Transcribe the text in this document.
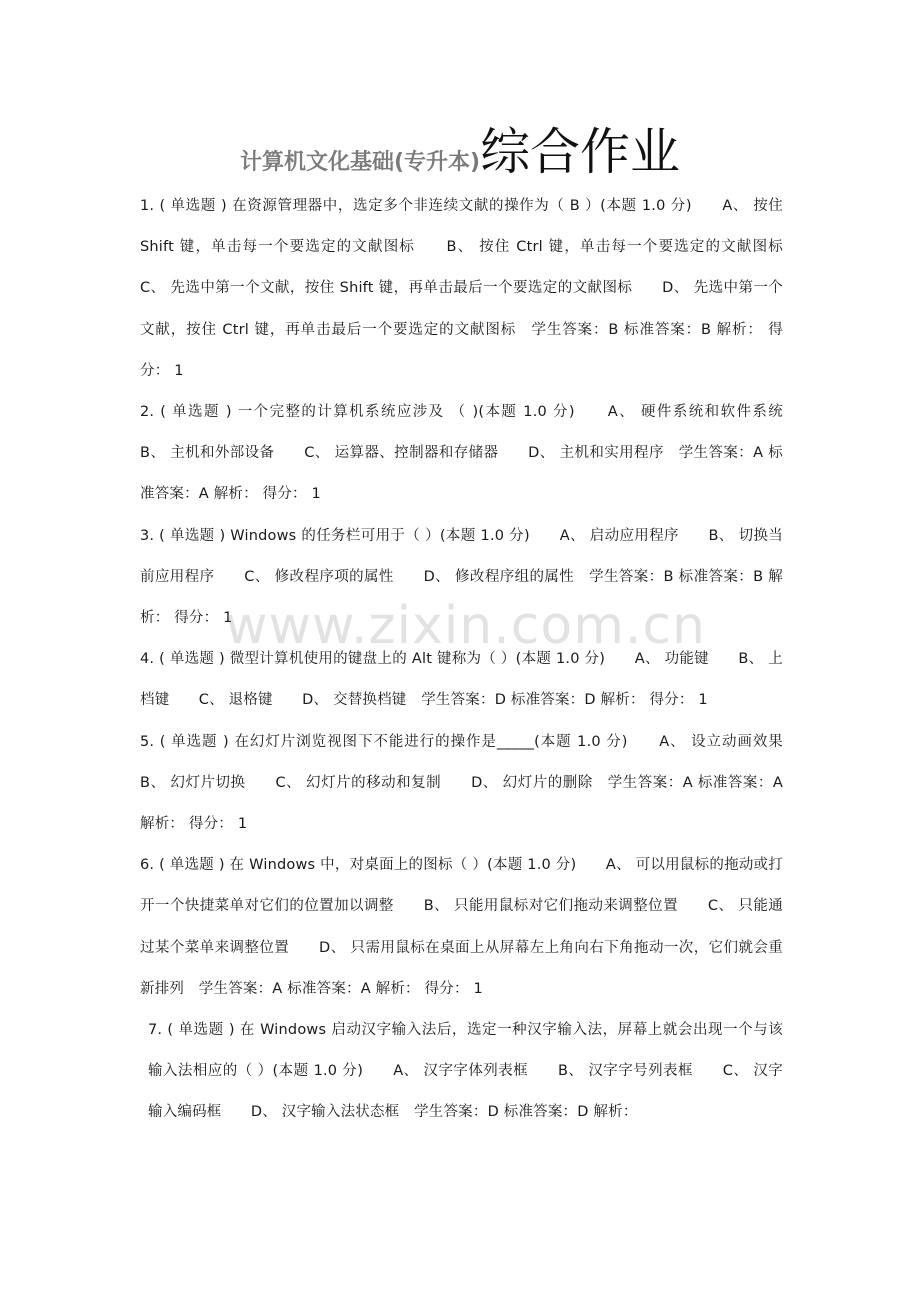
计算机文化基础(专升本)综合作业

1. ( 单选题 ) 在资源管理器中，选定多个非连续文献的操作为（ B ）(本题 1.0 分)　　A、 按住 Shift 键，单击每一个要选定的文献图标　　B、 按住 Ctrl 键，单击每一个要选定的文献图标　　C、 先选中第一个文献，按住 Shift 键，再单击最后一个要选定的文献图标　　D、 先选中第一个文献，按住 Ctrl 键，再单击最后一个要选定的文献图标　学生答案：B 标准答案：B 解析： 得分： 1

2. ( 单选题 ) 一个完整的计算机系统应涉及 （ )(本题 1.0 分)　　A、 硬件系统和软件系统　　B、 主机和外部设备　　C、 运算器、控制器和存储器　　D、 主机和实用程序　学生答案：A 标准答案：A 解析： 得分： 1

3. ( 单选题 ) Windows 的任务栏可用于（ ）(本题 1.0 分)　　A、 启动应用程序　　B、 切换当前应用程序　　C、 修改程序项的属性　　D、 修改程序组的属性　学生答案：B 标准答案：B 解析： 得分： 1

4. ( 单选题 ) 微型计算机使用的键盘上的 Alt 键称为（ ）(本题 1.0 分)　　A、 功能键　　B、 上档键　　C、 退格键　　D、 交替换档键　学生答案：D 标准答案：D 解析： 得分： 1

5. ( 单选题 ) 在幻灯片浏览视图下不能进行的操作是_____(本题 1.0 分)　　A、 设立动画效果　　B、 幻灯片切换　　C、 幻灯片的移动和复制　　D、 幻灯片的删除　学生答案：A 标准答案：A 解析： 得分： 1

6. ( 单选题 ) 在 Windows 中，对桌面上的图标（ ）(本题 1.0 分)　　A、 可以用鼠标的拖动或打开一个快捷菜单对它们的位置加以调整　　B、 只能用鼠标对它们拖动来调整位置　　C、 只能通过某个菜单来调整位置　　D、 只需用鼠标在桌面上从屏幕左上角向右下角拖动一次，它们就会重新排列　学生答案：A 标准答案：A 解析： 得分： 1

7. ( 单选题 ) 在 Windows 启动汉字输入法后，选定一种汉字输入法，屏幕上就会出现一个与该输入法相应的（ ）(本题 1.0 分)　　A、 汉字字体列表框　　B、 汉字字号列表框　　C、 汉字输入编码框　　D、 汉字输入法状态框　学生答案：D 标准答案：D 解析：

www.zixin.com.cn
